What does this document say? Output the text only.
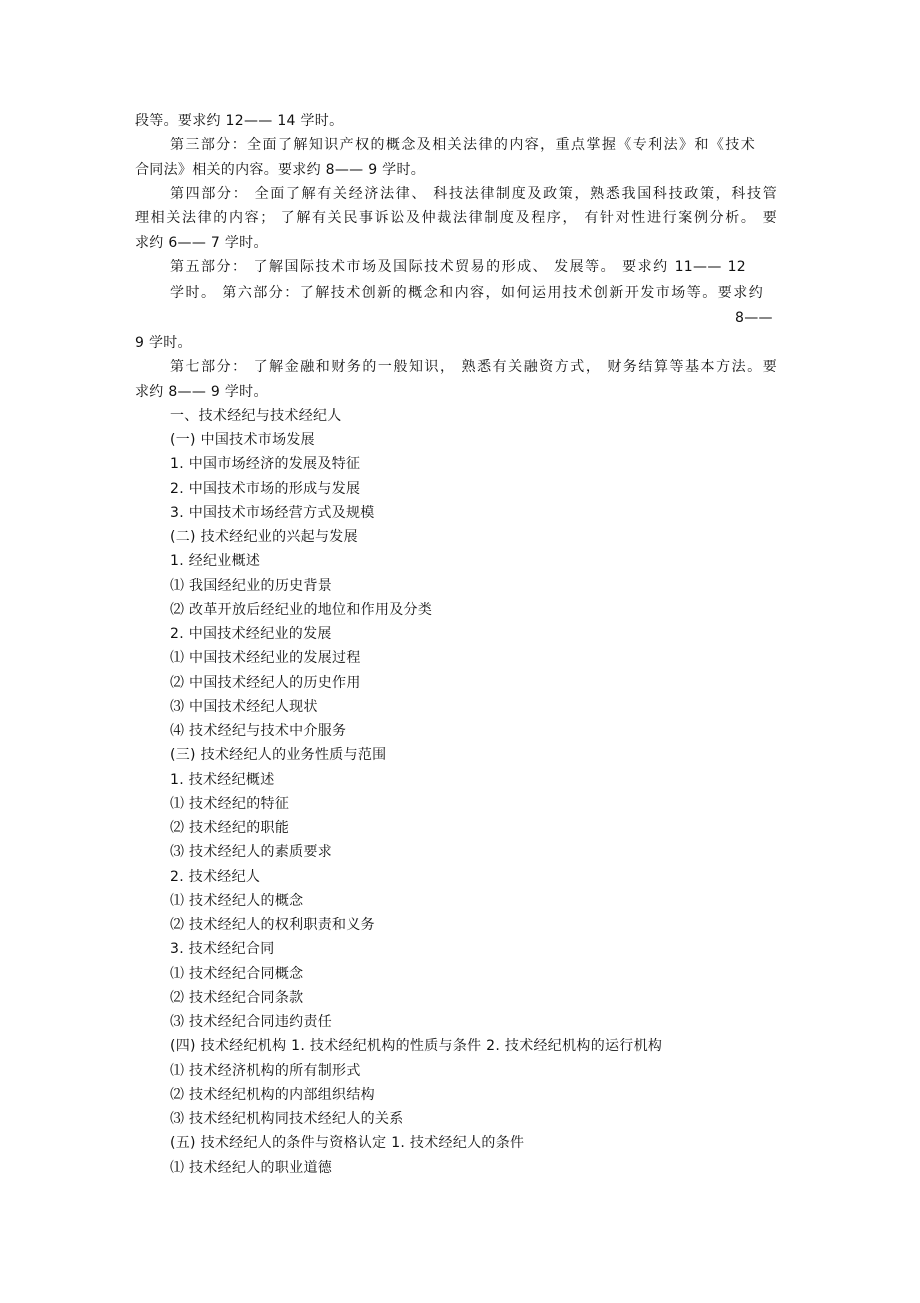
段等。要求约 12—— 14 学时。
第三部分：全面了解知识产权的概念及相关法律的内容，重点掌握《专利法》和《技术
合同法》相关的内容。要求约 8—— 9 学时。
第四部分： 全面了解有关经济法律、 科技法律制度及政策，熟悉我国科技政策，科技管
理相关法律的内容； 了解有关民事诉讼及仲裁法律制度及程序， 有针对性进行案例分析。 要
求约 6—— 7 学时。
第五部分： 了解国际技术市场及国际技术贸易的形成、 发展等。 要求约 11—— 12
学时。 第六部分：了解技术创新的概念和内容，如何运用技术创新开发市场等。要求约
8——
9 学时。
第七部分： 了解金融和财务的一般知识， 熟悉有关融资方式， 财务结算等基本方法。要
求约 8—— 9 学时。
一、技术经纪与技术经纪人
(一) 中国技术市场发展
1. 中国市场经济的发展及特征
2. 中国技术市场的形成与发展
3. 中国技术市场经营方式及规模
(二) 技术经纪业的兴起与发展
1. 经纪业概述
⑴ 我国经纪业的历史背景
⑵ 改革开放后经纪业的地位和作用及分类
2. 中国技术经纪业的发展
⑴ 中国技术经纪业的发展过程
⑵ 中国技术经纪人的历史作用
⑶ 中国技术经纪人现状
⑷ 技术经纪与技术中介服务
(三) 技术经纪人的业务性质与范围
1. 技术经纪概述
⑴ 技术经纪的特征
⑵ 技术经纪的职能
⑶ 技术经纪人的素质要求
2. 技术经纪人
⑴ 技术经纪人的概念
⑵ 技术经纪人的权利职责和义务
3. 技术经纪合同
⑴ 技术经纪合同概念
⑵ 技术经纪合同条款
⑶ 技术经纪合同违约责任
(四) 技术经纪机构 1. 技术经纪机构的性质与条件 2. 技术经纪机构的运行机构
⑴ 技术经济机构的所有制形式
⑵ 技术经纪机构的内部组织结构
⑶ 技术经纪机构同技术经纪人的关系
(五) 技术经纪人的条件与资格认定 1. 技术经纪人的条件
⑴ 技术经纪人的职业道德
